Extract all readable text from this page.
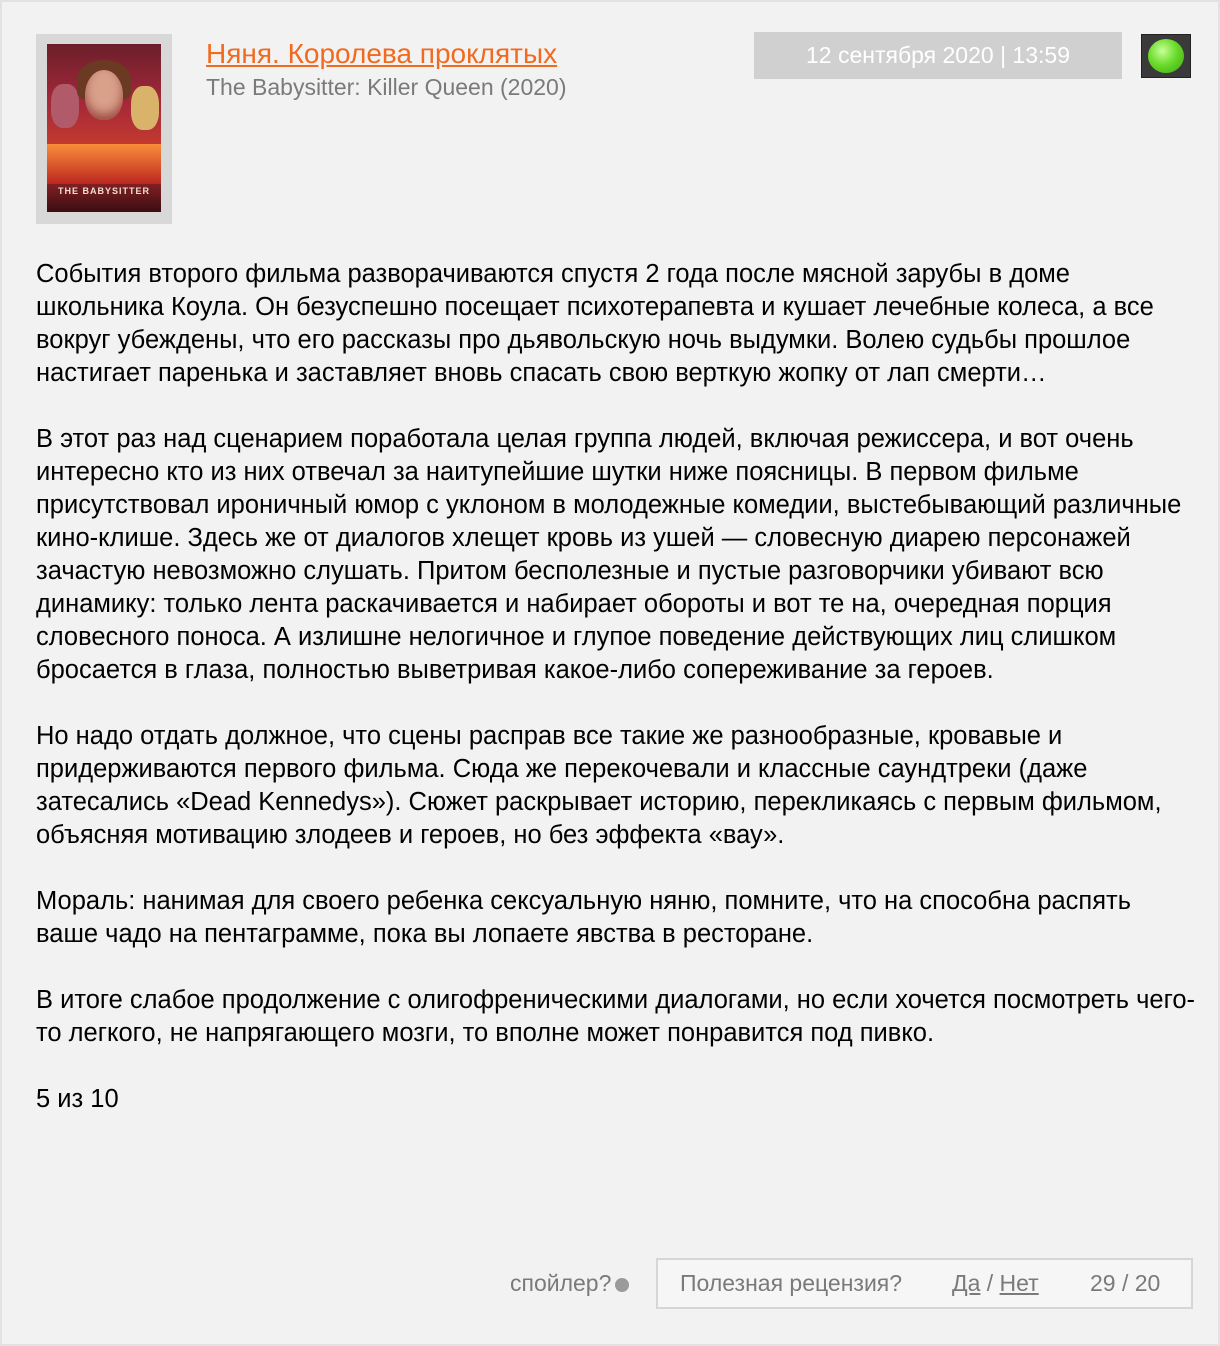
THE BABYSITTER
Няня. Королева проклятых
The Babysitter: Killer Queen (2020)
12 сентября 2020 | 13:59

События второго фильма разворачиваются спустя 2 года после мясной зарубы в доме школьника Коула. Он безуспешно посещает психотерапевта и кушает лечебные колеса, а все вокруг убеждены, что его рассказы про дьявольскую ночь выдумки. Волею судьбы прошлое настигает паренька и заставляет вновь спасать свою верткую жопку от лап смерти…

В этот раз над сценарием поработала целая группа людей, включая режиссера, и вот очень интересно кто из них отвечал за наитупейшие шутки ниже поясницы. В первом фильме присутствовал ироничный юмор с уклоном в молодежные комедии, выстебывающий различные кино-клише. Здесь же от диалогов хлещет кровь из ушей — словесную диарею персонажей зачастую невозможно слушать. Притом бесполезные и пустые разговорчики убивают всю динамику: только лента раскачивается и набирает обороты и вот те на, очередная порция словесного поноса. А излишне нелогичное и глупое поведение действующих лиц слишком бросается в глаза, полностью выветривая какое-либо сопереживание за героев.

Но надо отдать должное, что сцены расправ все такие же разнообразные, кровавые и придерживаются первого фильма. Сюда же перекочевали и классные саундтреки (даже затесались «Dead Kennedys»). Сюжет раскрывает историю, перекликаясь с первым фильмом, объясняя мотивацию злодеев и героев, но без эффекта «вау».

Мораль: нанимая для своего ребенка сексуальную няню, помните, что на способна распять ваше чадо на пентаграмме, пока вы лопаете явства в ресторане.

В итоге слабое продолжение с олигофреническими диалогами, но если хочется посмотреть чего-то легкого, не напрягающего мозги, то вполне может понравится под пивко.

5 из 10

спойлер?	Полезная рецензия? Да / Нет 29 / 20
